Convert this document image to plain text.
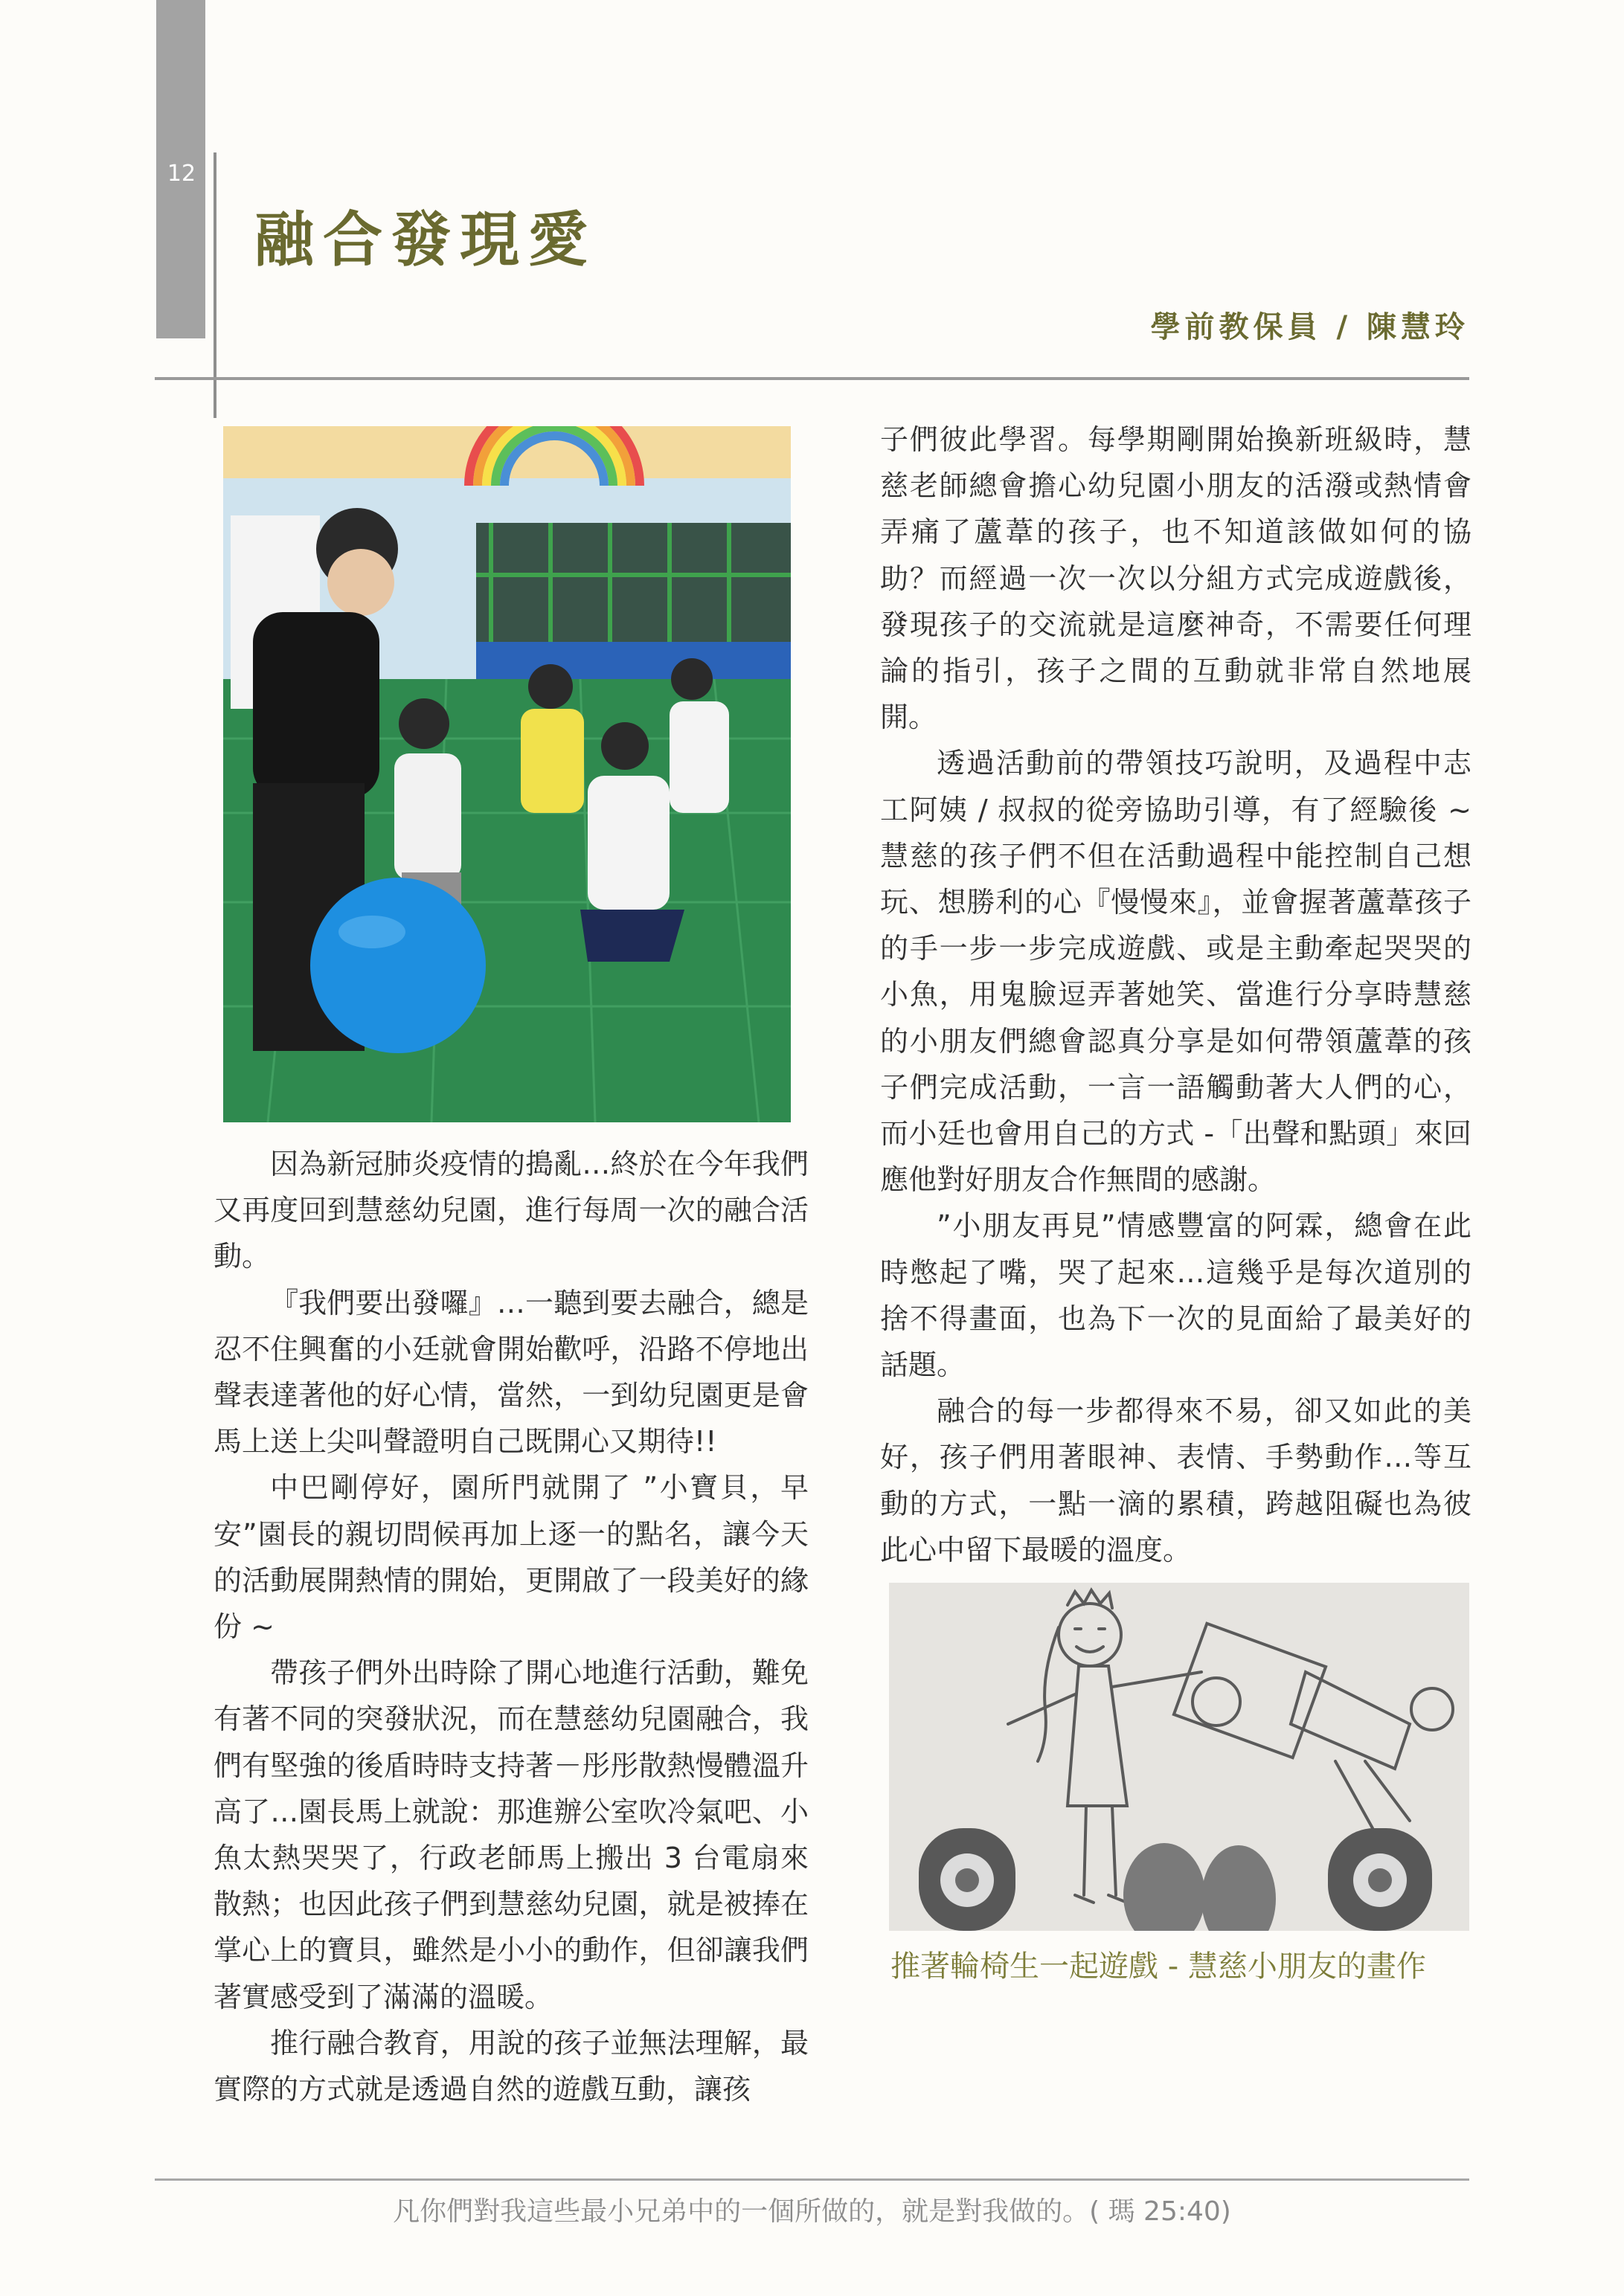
12
融合發現愛
學前教保員 / 陳慧玲

因為新冠肺炎疫情的搗亂…終於在今年我們又再度回到慧慈幼兒園，進行每周一次的融合活動。

『我們要出發囉』…一聽到要去融合，總是忍不住興奮的小廷就會開始歡呼，沿路不停地出聲表達著他的好心情，當然，一到幼兒園更是會馬上送上尖叫聲證明自己既開心又期待!!

中巴剛停好，園所門就開了 ”小寶貝，早安”園長的親切問候再加上逐一的點名，讓今天的活動展開熱情的開始，更開啟了一段美好的緣份 ~

帶孩子們外出時除了開心地進行活動，難免有著不同的突發狀況，而在慧慈幼兒園融合，我們有堅強的後盾時時支持著－彤彤散熱慢體溫升高了…園長馬上就說：那進辦公室吹冷氣吧、小魚太熱哭哭了，行政老師馬上搬出 3 台電扇來散熱；也因此孩子們到慧慈幼兒園，就是被捧在掌心上的寶貝，雖然是小小的動作，但卻讓我們著實感受到了滿滿的溫暖。

推行融合教育，用說的孩子並無法理解，最實際的方式就是透過自然的遊戲互動，讓孩

子們彼此學習。每學期剛開始換新班級時，慧慈老師總會擔心幼兒園小朋友的活潑或熱情會弄痛了蘆葦的孩子，也不知道該做如何的協助？而經過一次一次以分組方式完成遊戲後，發現孩子的交流就是這麼神奇，不需要任何理論的指引，孩子之間的互動就非常自然地展開。

透過活動前的帶領技巧說明，及過程中志工阿姨 / 叔叔的從旁協助引導，有了經驗後 ~ 慧慈的孩子們不但在活動過程中能控制自己想玩、想勝利的心『慢慢來』，並會握著蘆葦孩子的手一步一步完成遊戲、或是主動牽起哭哭的小魚，用鬼臉逗弄著她笑、當進行分享時慧慈的小朋友們總會認真分享是如何帶領蘆葦的孩子們完成活動，一言一語觸動著大人們的心，而小廷也會用自己的方式 -「出聲和點頭」來回應他對好朋友合作無間的感謝。

”小朋友再見”情感豐富的阿霖，總會在此時憋起了嘴，哭了起來…這幾乎是每次道別的捨不得畫面，也為下一次的見面給了最美好的話題。

融合的每一步都得來不易，卻又如此的美好，孩子們用著眼神、表情、手勢動作…等互動的方式，一點一滴的累積，跨越阻礙也為彼此心中留下最暖的溫度。

推著輪椅生一起遊戲 - 慧慈小朋友的畫作
凡你們對我這些最小兄弟中的一個所做的，就是對我做的。( 瑪 25:40)
